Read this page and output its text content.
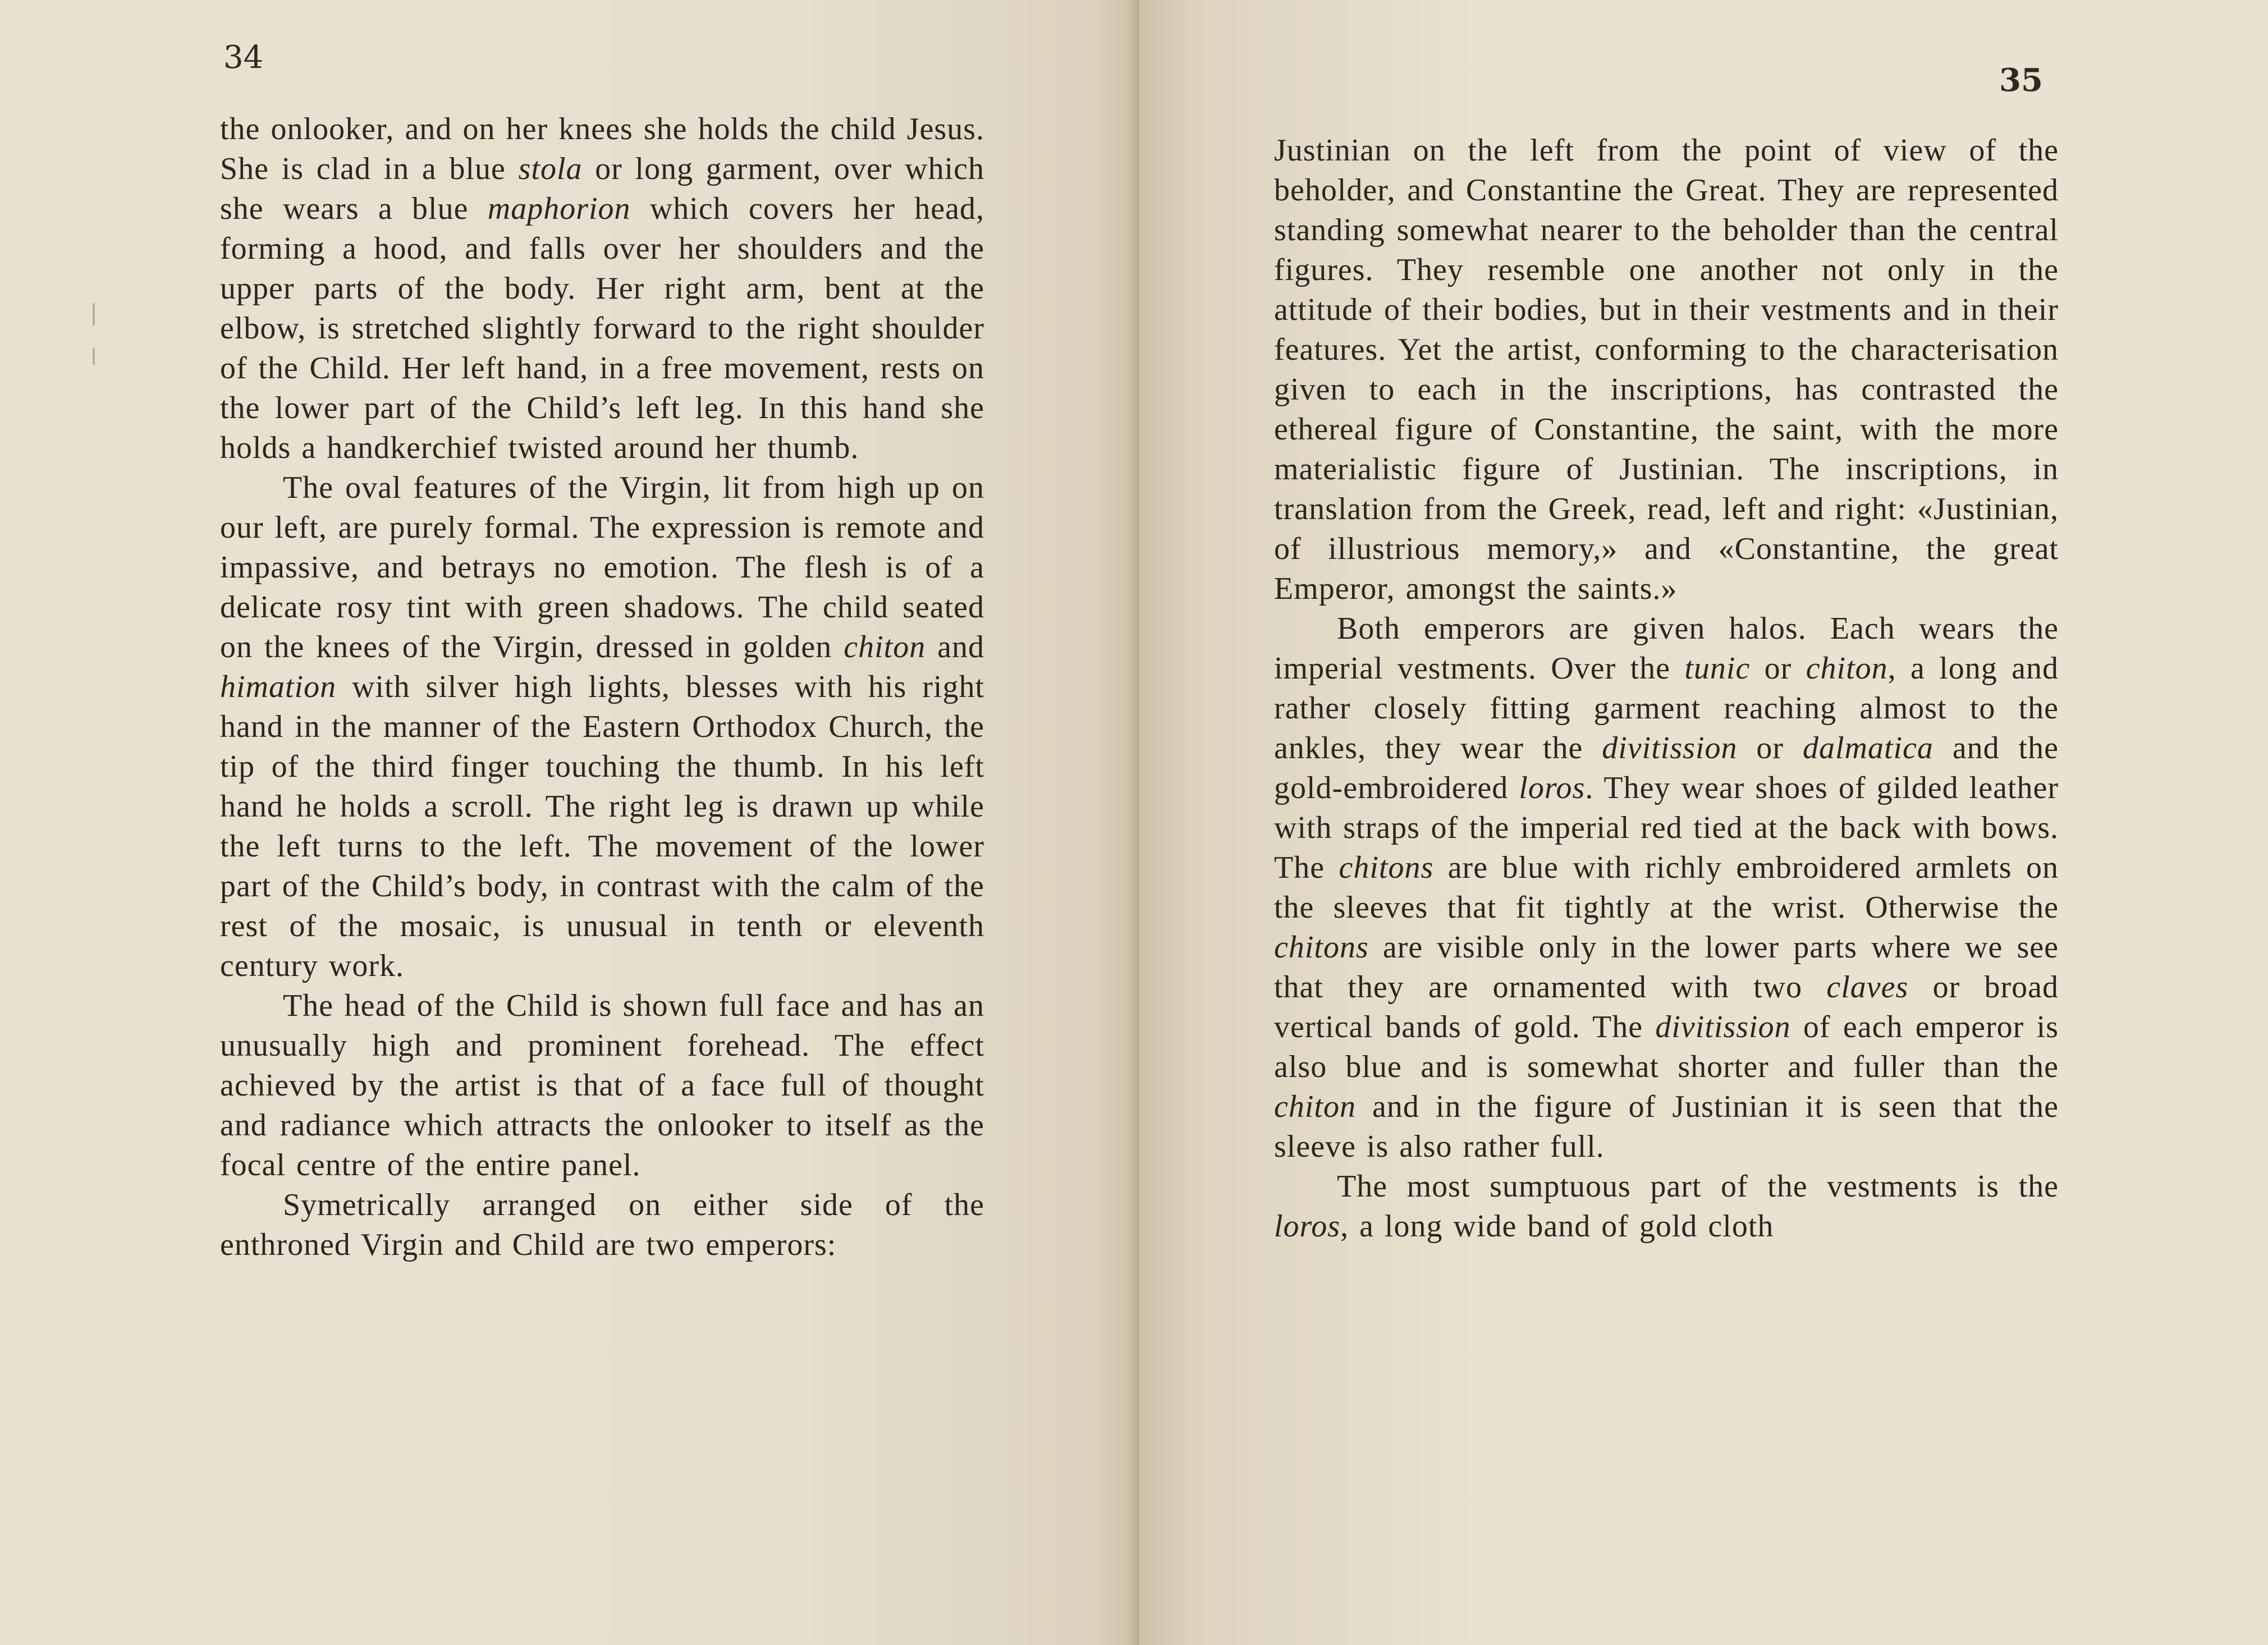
34

the onlooker, and on her knees she holds the child Jesus. She is clad in a blue stola or long garment, over which she wears a blue maphorion which covers her head, forming a hood, and falls over her shoulders and the upper parts of the body. Her right arm, bent at the elbow, is stretched slightly forward to the right shoulder of the Child. Her left hand, in a free movement, rests on the lower part of the Child’s left leg. In this hand she holds a handkerchief twisted around her thumb.

The oval features of the Virgin, lit from high up on our left, are purely formal. The expression is remote and impassive, and betrays no emotion. The flesh is of a delicate rosy tint with green shadows. The child seated on the knees of the Virgin, dressed in golden chiton and himation with silver high lights, blesses with his right hand in the manner of the Eastern Orthodox Church, the tip of the third finger touching the thumb. In his left hand he holds a scroll. The right leg is drawn up while the left turns to the left. The movement of the lower part of the Child’s body, in contrast with the calm of the rest of the mosaic, is unusual in tenth or eleventh century work.

The head of the Child is shown full face and has an unusually high and prominent forehead. The effect achieved by the artist is that of a face full of thought and radiance which attracts the onlooker to itself as the focal centre of the entire panel.

Symetrically arranged on either side of the enthroned Virgin and Child are two emperors:

35

Justinian on the left from the point of view of the beholder, and Constantine the Great. They are represented standing somewhat nearer to the beholder than the central figures. They resemble one another not only in the attitude of their bodies, but in their vestments and in their features. Yet the artist, conforming to the characterisation given to each in the inscriptions, has contrasted the ethereal figure of Constantine, the saint, with the more materialistic figure of Justinian. The inscriptions, in translation from the Greek, read, left and right: «Justinian, of illustrious memory,» and «Constantine, the great Emperor, amongst the saints.»

Both emperors are given halos. Each wears the imperial vestments. Over the tunic or chiton, a long and rather closely fitting garment reaching almost to the ankles, they wear the divitission or dalmatica and the gold-embroidered loros. They wear shoes of gilded leather with straps of the imperial red tied at the back with bows. The chitons are blue with richly embroidered armlets on the sleeves that fit tightly at the wrist. Otherwise the chitons are visible only in the lower parts where we see that they are ornamented with two claves or broad vertical bands of gold. The divitission of each emperor is also blue and is somewhat shorter and fuller than the chiton and in the figure of Justinian it is seen that the sleeve is also rather full.

The most sumptuous part of the vestments is the loros, a long wide band of gold cloth
